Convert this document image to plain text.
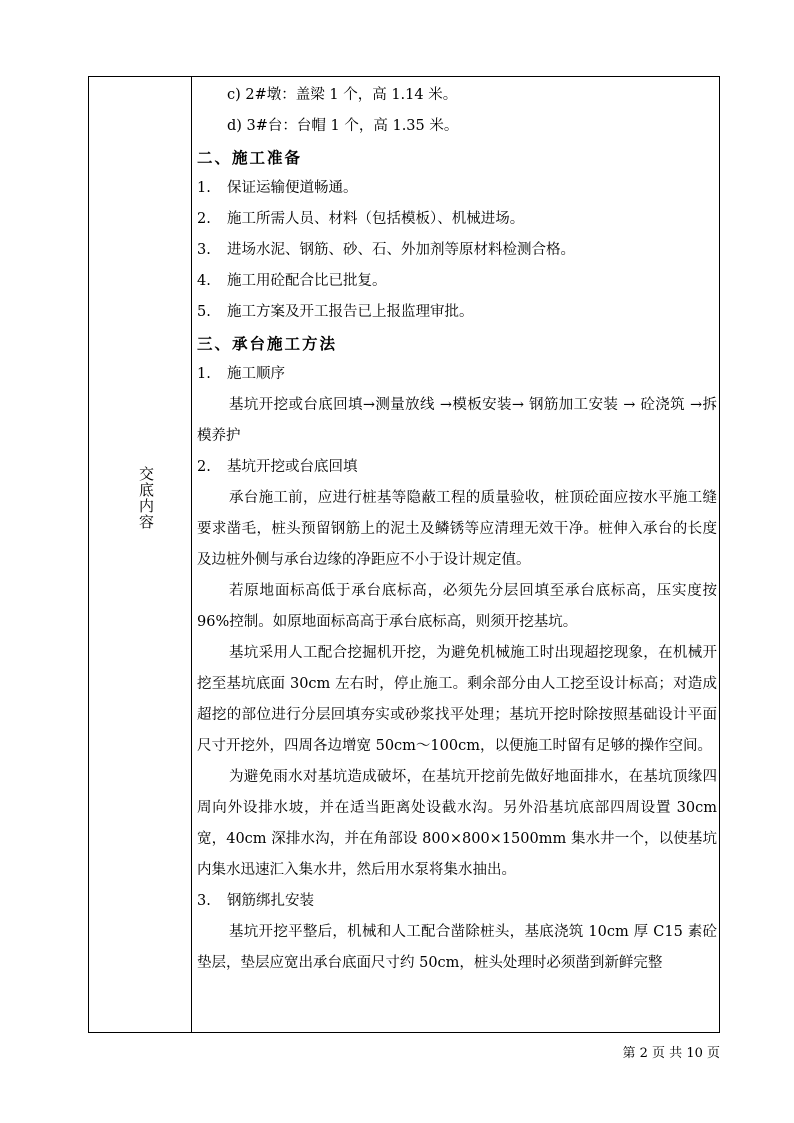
交底内容

c) 2#墩：盖梁 1 个，高 1.14 米。

d) 3#台：台帽 1 个，高 1.35 米。

二、施工准备

1. 保证运输便道畅通。

2. 施工所需人员、材料（包括模板）、机械进场。

3. 进场水泥、钢筋、砂、石、外加剂等原材料检测合格。

4. 施工用砼配合比已批复。

5. 施工方案及开工报告已上报监理审批。

三、承台施工方法

1. 施工顺序

基坑开挖或台底回填→测量放线 →模板安装→ 钢筋加工安装 → 砼浇筑 →拆模养护

2. 基坑开挖或台底回填

承台施工前，应进行桩基等隐蔽工程的质量验收，桩顶砼面应按水平施工缝要求凿毛，桩头预留钢筋上的泥土及鳞锈等应清理无效干净。桩伸入承台的长度及边桩外侧与承台边缘的净距应不小于设计规定值。

若原地面标高低于承台底标高，必须先分层回填至承台底标高，压实度按 96%控制。如原地面标高高于承台底标高，则须开挖基坑。

基坑采用人工配合挖掘机开挖，为避免机械施工时出现超挖现象，在机械开挖至基坑底面 30cm 左右时，停止施工。剩余部分由人工挖至设计标高；对造成超挖的部位进行分层回填夯实或砂浆找平处理；基坑开挖时除按照基础设计平面尺寸开挖外，四周各边增宽 50cm～100cm，以便施工时留有足够的操作空间。

为避免雨水对基坑造成破坏，在基坑开挖前先做好地面排水，在基坑顶缘四周向外设排水坡，并在适当距离处设截水沟。另外沿基坑底部四周设置 30cm 宽，40cm 深排水沟，并在角部设 800×800×1500mm 集水井一个，以使基坑内集水迅速汇入集水井，然后用水泵将集水抽出。

3. 钢筋绑扎安装

基坑开挖平整后，机械和人工配合凿除桩头，基底浇筑 10cm 厚 C15 素砼垫层，垫层应宽出承台底面尺寸约 50cm，桩头处理时必须凿到新鲜完整

第 2 页 共 10 页
